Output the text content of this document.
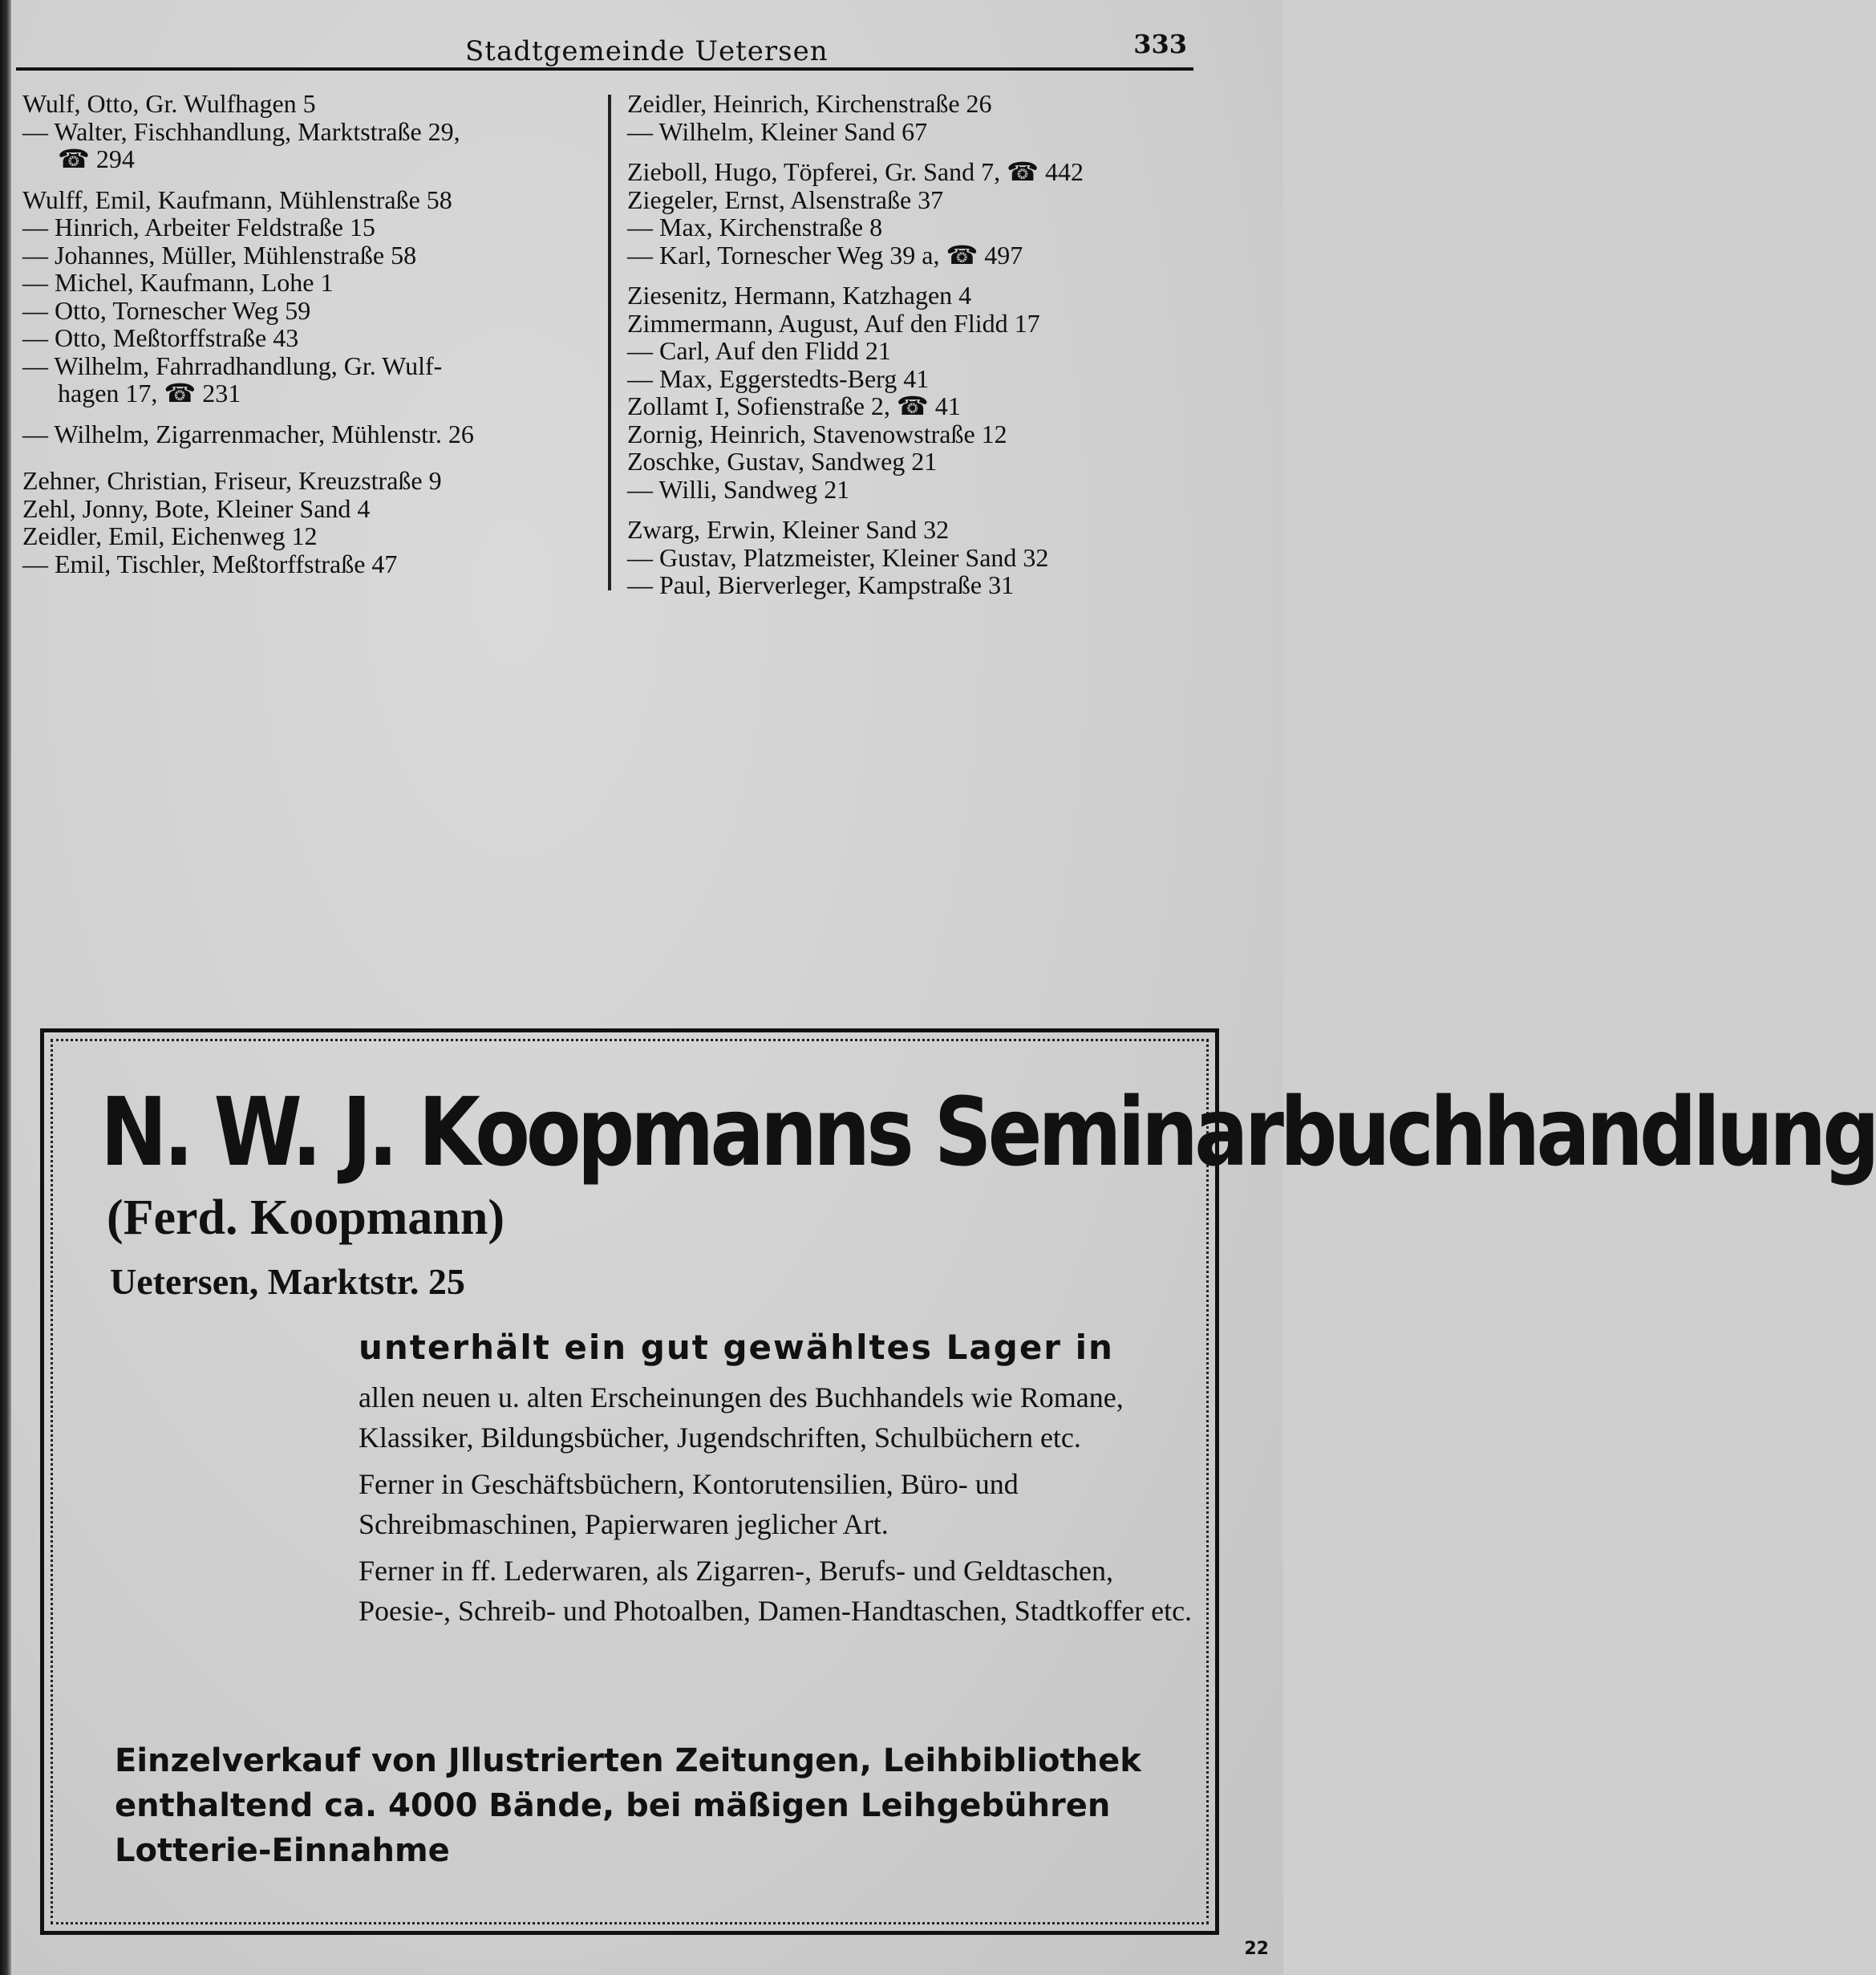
Stadtgemeinde Uetersen	333
Wulf, Otto, Gr. Wulfhagen 5
— Walter, Fischhandlung, Marktstraße 29,
☎ 294
Wulff, Emil, Kaufmann, Mühlenstraße 58
— Hinrich, Arbeiter Feldstraße 15
— Johannes, Müller, Mühlenstraße 58
— Michel, Kaufmann, Lohe 1
— Otto, Tornescher Weg 59
— Otto, Meßtorffstraße 43
— Wilhelm, Fahrradhandlung, Gr. Wulf-
hagen 17, ☎ 231
— Wilhelm, Zigarrenmacher, Mühlenstr. 26
Zehner, Christian, Friseur, Kreuzstraße 9
Zehl, Jonny, Bote, Kleiner Sand 4
Zeidler, Emil, Eichenweg 12
— Emil, Tischler, Meßtorffstraße 47
Zeidler, Heinrich, Kirchenstraße 26
— Wilhelm, Kleiner Sand 67
Zieboll, Hugo, Töpferei, Gr. Sand 7, ☎ 442
Ziegeler, Ernst, Alsenstraße 37
— Max, Kirchenstraße 8
— Karl, Tornescher Weg 39 a, ☎ 497
Ziesenitz, Hermann, Katzhagen 4
Zimmermann, August, Auf den Flidd 17
— Carl, Auf den Flidd 21
— Max, Eggerstedts-Berg 41
Zollamt I, Sofienstraße 2, ☎ 41
Zornig, Heinrich, Stavenowstraße 12
Zoschke, Gustav, Sandweg 21
— Willi, Sandweg 21
Zwarg, Erwin, Kleiner Sand 32
— Gustav, Platzmeister, Kleiner Sand 32
— Paul, Bierverleger, Kampstraße 31
N. W. J. Koopmanns Seminarbuchhandlung
(Ferd. Koopmann)
Uetersen, Marktstr. 25
unterhält ein gut gewähltes Lager in

allen neuen u. alten Erscheinungen des Buchhandels wie Romane, Klassiker, Bildungsbücher, Jugendschriften, Schulbüchern etc.

Ferner in Geschäftsbüchern, Kontorutensilien, Büro- und Schreibmaschinen, Papierwaren jeglicher Art.

Ferner in ff. Lederwaren, als Zigarren-, Berufs- und Geldtaschen, Poesie-, Schreib- und Photoalben, Damen-Handtaschen, Stadtkoffer etc.

Einzelverkauf von Jllustrierten Zeitungen, Leihbibliothek
enthaltend ca. 4000 Bände, bei mäßigen Leihgebühren
Lotterie-Einnahme
22
